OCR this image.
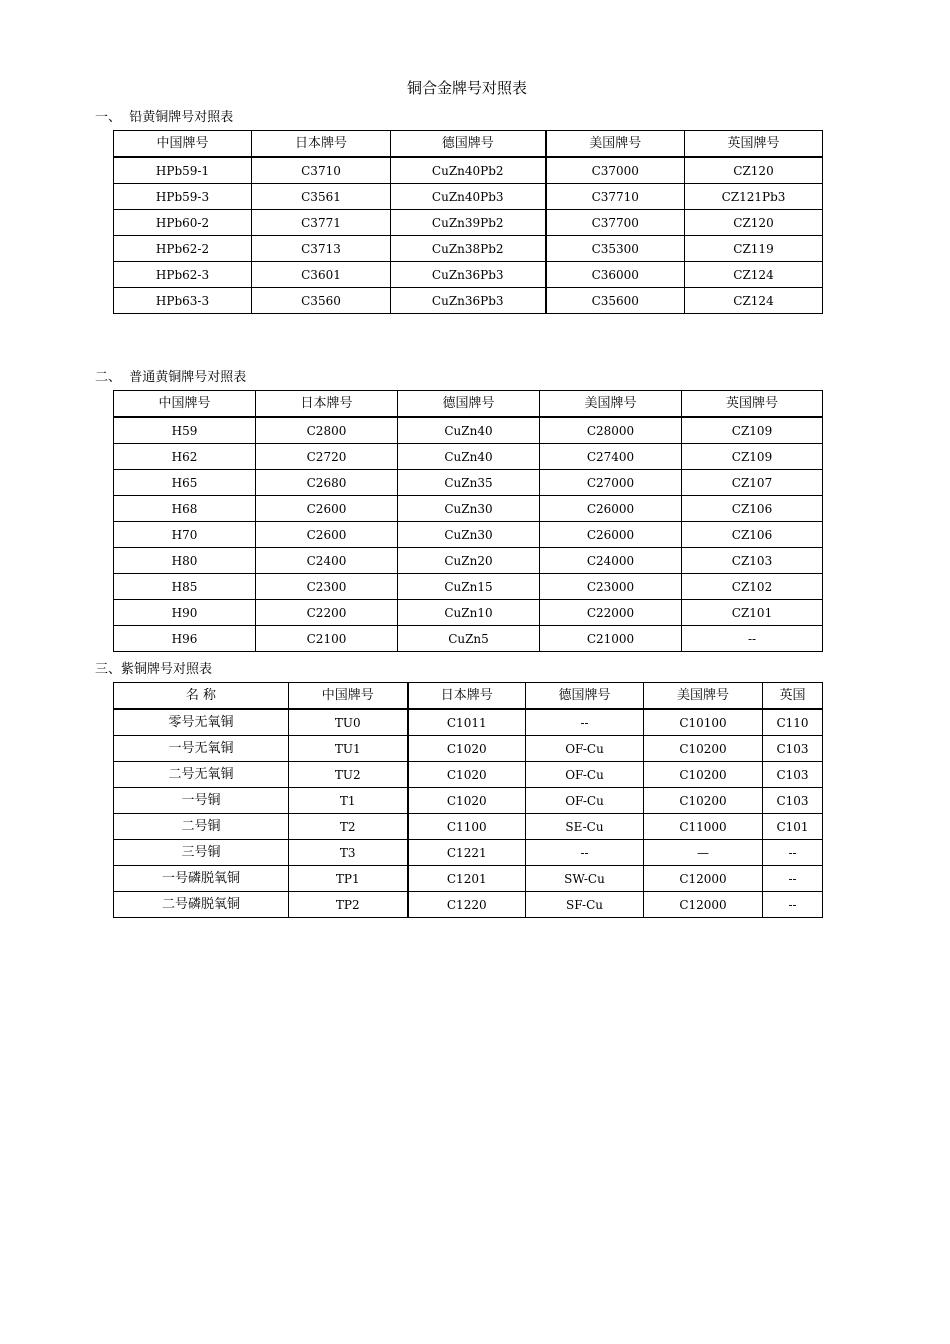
铜合金牌号对照表
一、  铅黄铜牌号对照表
中国牌号	日本牌号	德国牌号	美国牌号	英国牌号
HPb59-1	C3710	CuZn40Pb2	C37000	CZ120
HPb59-3	C3561	CuZn40Pb3	C37710	CZ121Pb3
HPb60-2	C3771	CuZn39Pb2	C37700	CZ120
HPb62-2	C3713	CuZn38Pb2	C35300	CZ119
HPb62-3	C3601	CuZn36Pb3	C36000	CZ124
HPb63-3	C3560	CuZn36Pb3	C35600	CZ124
二、  普通黄铜牌号对照表
中国牌号	日本牌号	德国牌号	美国牌号	英国牌号
H59	C2800	CuZn40	C28000	CZ109
H62	C2720	CuZn40	C27400	CZ109
H65	C2680	CuZn35	C27000	CZ107
H68	C2600	CuZn30	C26000	CZ106
H70	C2600	CuZn30	C26000	CZ106
H80	C2400	CuZn20	C24000	CZ103
H85	C2300	CuZn15	C23000	CZ102
H90	C2200	CuZn10	C22000	CZ101
H96	C2100	CuZn5	C21000	--
三、紫铜牌号对照表
名 称	中国牌号	日本牌号	德国牌号	美国牌号	英国
零号无氧铜	TU0	C1011	--	C10100	C110
一号无氧铜	TU1	C1020	OF-Cu	C10200	C103
二号无氧铜	TU2	C1020	OF-Cu	C10200	C103
一号铜	T1	C1020	OF-Cu	C10200	C103
二号铜	T2	C1100	SE-Cu	C11000	C101
三号铜	T3	C1221	--	—	--
一号磷脱氧铜	TP1	C1201	SW-Cu	C12000	--
二号磷脱氧铜	TP2	C1220	SF-Cu	C12000	--
